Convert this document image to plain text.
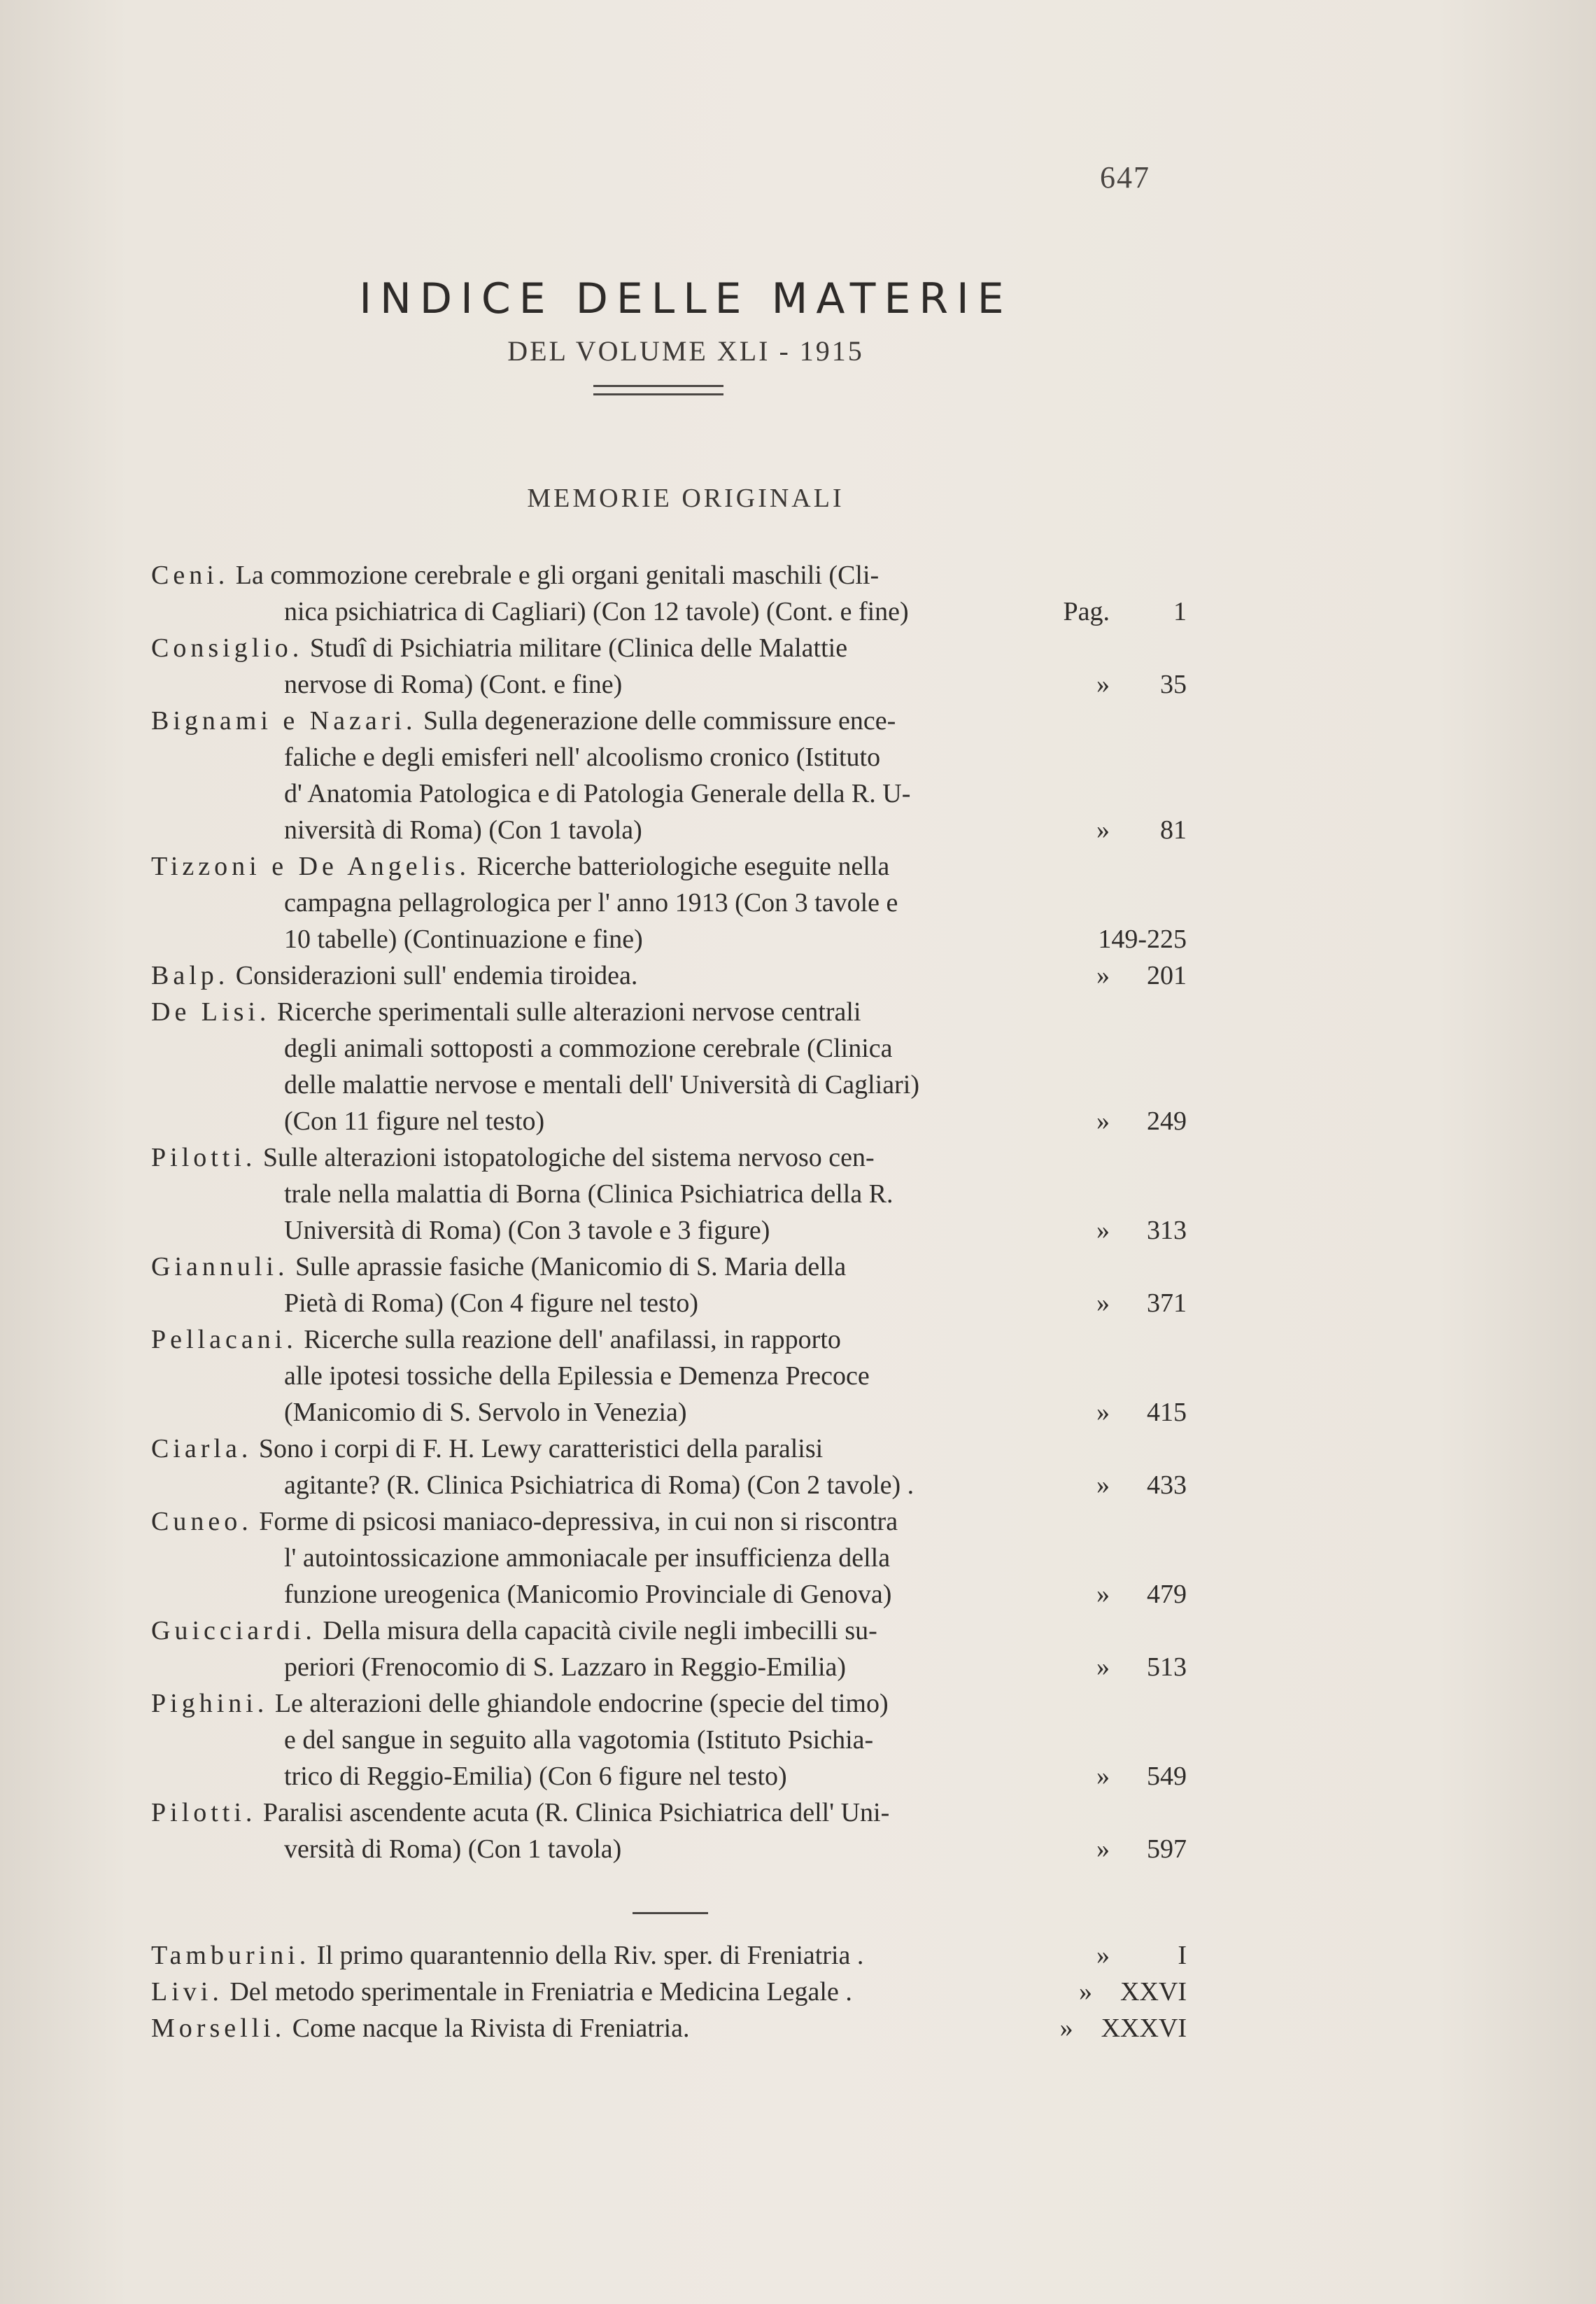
647
INDICE DELLE MATERIE
DEL VOLUME XLI - 1915
MEMORIE ORIGINALI
Ceni. La commozione cerebrale e gli organi genitali maschili (Cli-
nica psichiatrica di Cagliari) (Con 12 tavole) (Cont. e fine)	Pag. 1
Consiglio. Studî di Psichiatria militare (Clinica delle Malattie
nervose di Roma) (Cont. e fine)	» 35
Bignami e Nazari. Sulla degenerazione delle commissure ence-
faliche e degli emisferi nell' alcoolismo cronico (Istituto
d' Anatomia Patologica e di Patologia Generale della R. U-
niversità di Roma) (Con 1 tavola)	» 81
Tizzoni e De Angelis. Ricerche batteriologiche eseguite nella
campagna pellagrologica per l' anno 1913 (Con 3 tavole e
10 tabelle) (Continuazione e fine)	149-225
Balp. Considerazioni sull' endemia tiroidea.	» 201
De Lisi. Ricerche sperimentali sulle alterazioni nervose centrali
degli animali sottoposti a commozione cerebrale (Clinica
delle malattie nervose e mentali dell' Università di Cagliari)
(Con 11 figure nel testo)	» 249
Pilotti. Sulle alterazioni istopatologiche del sistema nervoso cen-
trale nella malattia di Borna (Clinica Psichiatrica della R.
Università di Roma) (Con 3 tavole e 3 figure)	» 313
Giannuli. Sulle aprassie fasiche (Manicomio di S. Maria della
Pietà di Roma) (Con 4 figure nel testo)	» 371
Pellacani. Ricerche sulla reazione dell' anafilassi, in rapporto
alle ipotesi tossiche della Epilessia e Demenza Precoce
(Manicomio di S. Servolo in Venezia)	» 415
Ciarla. Sono i corpi di F. H. Lewy caratteristici della paralisi
agitante? (R. Clinica Psichiatrica di Roma) (Con 2 tavole) .	» 433
Cuneo. Forme di psicosi maniaco-depressiva, in cui non si riscontra
l' autointossicazione ammoniacale per insufficienza della
funzione ureogenica (Manicomio Provinciale di Genova)	» 479
Guicciardi. Della misura della capacità civile negli imbecilli su-
periori (Frenocomio di S. Lazzaro in Reggio-Emilia)	» 513
Pighini. Le alterazioni delle ghiandole endocrine (specie del timo)
e del sangue in seguito alla vagotomia (Istituto Psichia-
trico di Reggio-Emilia) (Con 6 figure nel testo)	» 549
Pilotti. Paralisi ascendente acuta (R. Clinica Psichiatrica dell' Uni-
versità di Roma) (Con 1 tavola)	» 597
Tamburini. Il primo quarantennio della Riv. sper. di Freniatria .	»	I
Livi. Del metodo sperimentale in Freniatria e Medicina Legale .	» XXVI
Morselli. Come nacque la Rivista di Freniatria.	» XXXVI
